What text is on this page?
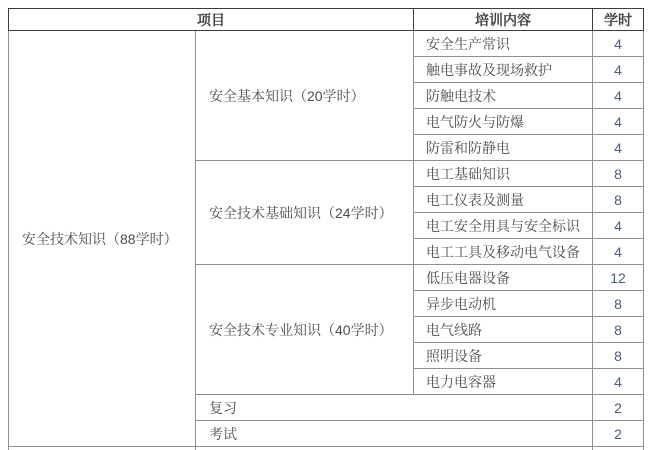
项目		培训内容	学时
安全技术知识（88学时）	安全基本知识（20学时）	安全生产常识	4
		触电事故及现场救护	4
		防触电技术	4
		电气防火与防爆	4
		防雷和防静电	4
	安全技术基础知识（24学时）	电工基础知识	8
		电工仪表及测量	8
		电工安全用具与安全标识	4
		电工工具及移动电气设备	4
	安全技术专业知识（40学时）	低压电器设备	12
		异步电动机	8
		电气线路	8
		照明设备	8
		电力电容器	4
	复习		2
	考试		2
